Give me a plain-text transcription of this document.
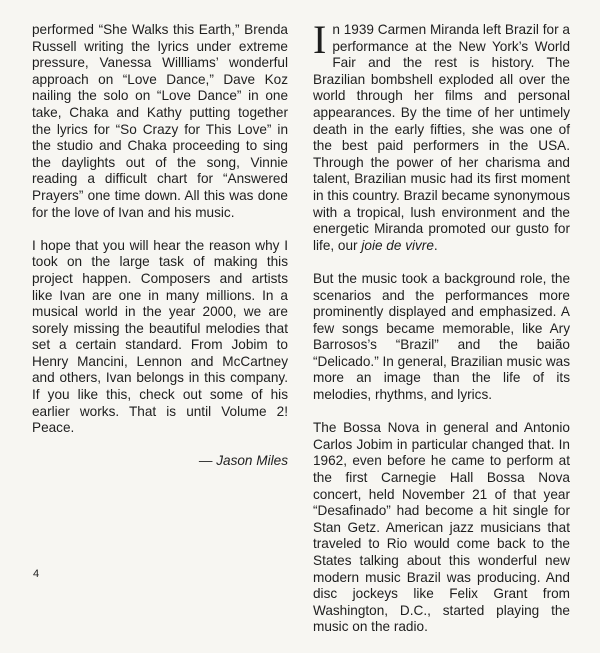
performed “She Walks this Earth,” Brenda Russell writing the lyrics under extreme pressure, Vanessa Willliams’ wonderful approach on “Love Dance,” Dave Koz nailing the solo on “Love Dance” in one take, Chaka and Kathy putting together the lyrics for “So Crazy for This Love” in the studio and Chaka proceeding to sing the daylights out of the song, Vinnie reading a difficult chart for “Answered Prayers” one time down. All this was done for the love of Ivan and his music.

I hope that you will hear the reason why I took on the large task of making this project happen. Composers and artists like Ivan are one in many millions. In a musical world in the year 2000, we are sorely missing the beautiful melodies that set a certain standard. From Jobim to Henry Mancini, Lennon and McCartney and others, Ivan belongs in this company. If you like this, check out some of his earlier works. That is until Volume 2! Peace.

— Jason Miles

In 1939 Carmen Miranda left Brazil for a performance at the New York’s World Fair and the rest is history. The Brazilian bombshell exploded all over the world through her films and personal appearances. By the time of her untimely death in the early fifties, she was one of the best paid performers in the USA. Through the power of her charisma and talent, Brazilian music had its first moment in this country. Brazil became synonymous with a tropical, lush environment and the energetic Miranda promoted our gusto for life, our joie de vivre.

But the music took a background role, the scenarios and the performances more prominently displayed and emphasized. A few songs became memorable, like Ary Barrosos’s “Brazil” and the baião “Delicado.” In general, Brazilian music was more an image than the life of its melodies, rhythms, and lyrics.

The Bossa Nova in general and Antonio Carlos Jobim in particular changed that. In 1962, even before he came to perform at the first Carnegie Hall Bossa Nova concert, held November 21 of that year “Desafinado” had become a hit single for Stan Getz. American jazz musicians that traveled to Rio would come back to the States talking about this wonderful new modern music Brazil was producing. And disc jockeys like Felix Grant from Washington, D.C., started playing the music on the radio.

4
